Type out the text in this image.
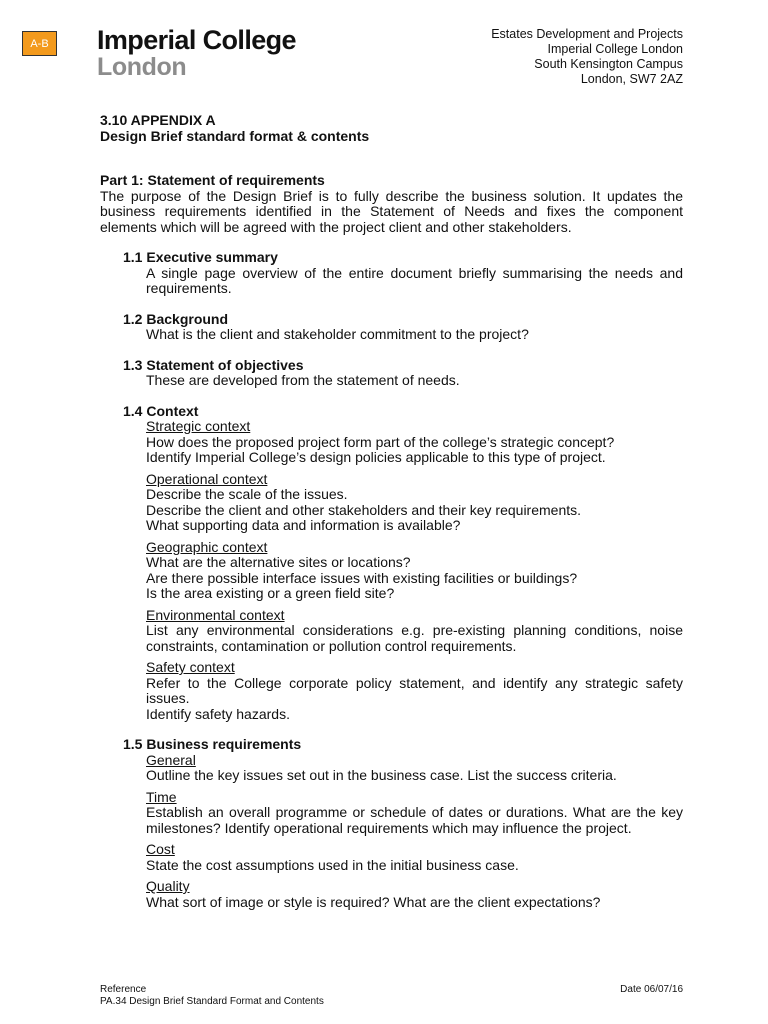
A-B	Imperial College
London
Estates Development and Projects
Imperial College London
South Kensington Campus
London, SW7 2AZ
3.10 APPENDIX A
Design Brief standard format & contents
Part 1: Statement of requirements
The purpose of the Design Brief is to fully describe the business solution. It updates the business requirements identified in the Statement of Needs and fixes the component elements which will be agreed with the project client and other stakeholders.
1.1 Executive summary
A single page overview of the entire document briefly summarising the needs and requirements.
1.2 Background
What is the client and stakeholder commitment to the project?
1.3 Statement of objectives
These are developed from the statement of needs.
1.4 Context
Strategic context
How does the proposed project form part of the college’s strategic concept?
Identify Imperial College’s design policies applicable to this type of project.
Operational context
Describe the scale of the issues.
Describe the client and other stakeholders and their key requirements.
What supporting data and information is available?
Geographic context
What are the alternative sites or locations?
Are there possible interface issues with existing facilities or buildings?
Is the area existing or a green field site?
Environmental context
List any environmental considerations e.g. pre-existing planning conditions, noise constraints, contamination or pollution control requirements.
Safety context
Refer to the College corporate policy statement, and identify any strategic safety issues.
Identify safety hazards.
1.5 Business requirements
General
Outline the key issues set out in the business case. List the success criteria.
Time
Establish an overall programme or schedule of dates or durations. What are the key milestones? Identify operational requirements which may influence the project.
Cost
State the cost assumptions used in the initial business case.
Quality
What sort of image or style is required? What are the client expectations?
Reference
PA.34 Design Brief Standard Format and Contents
Date 06/07/16
